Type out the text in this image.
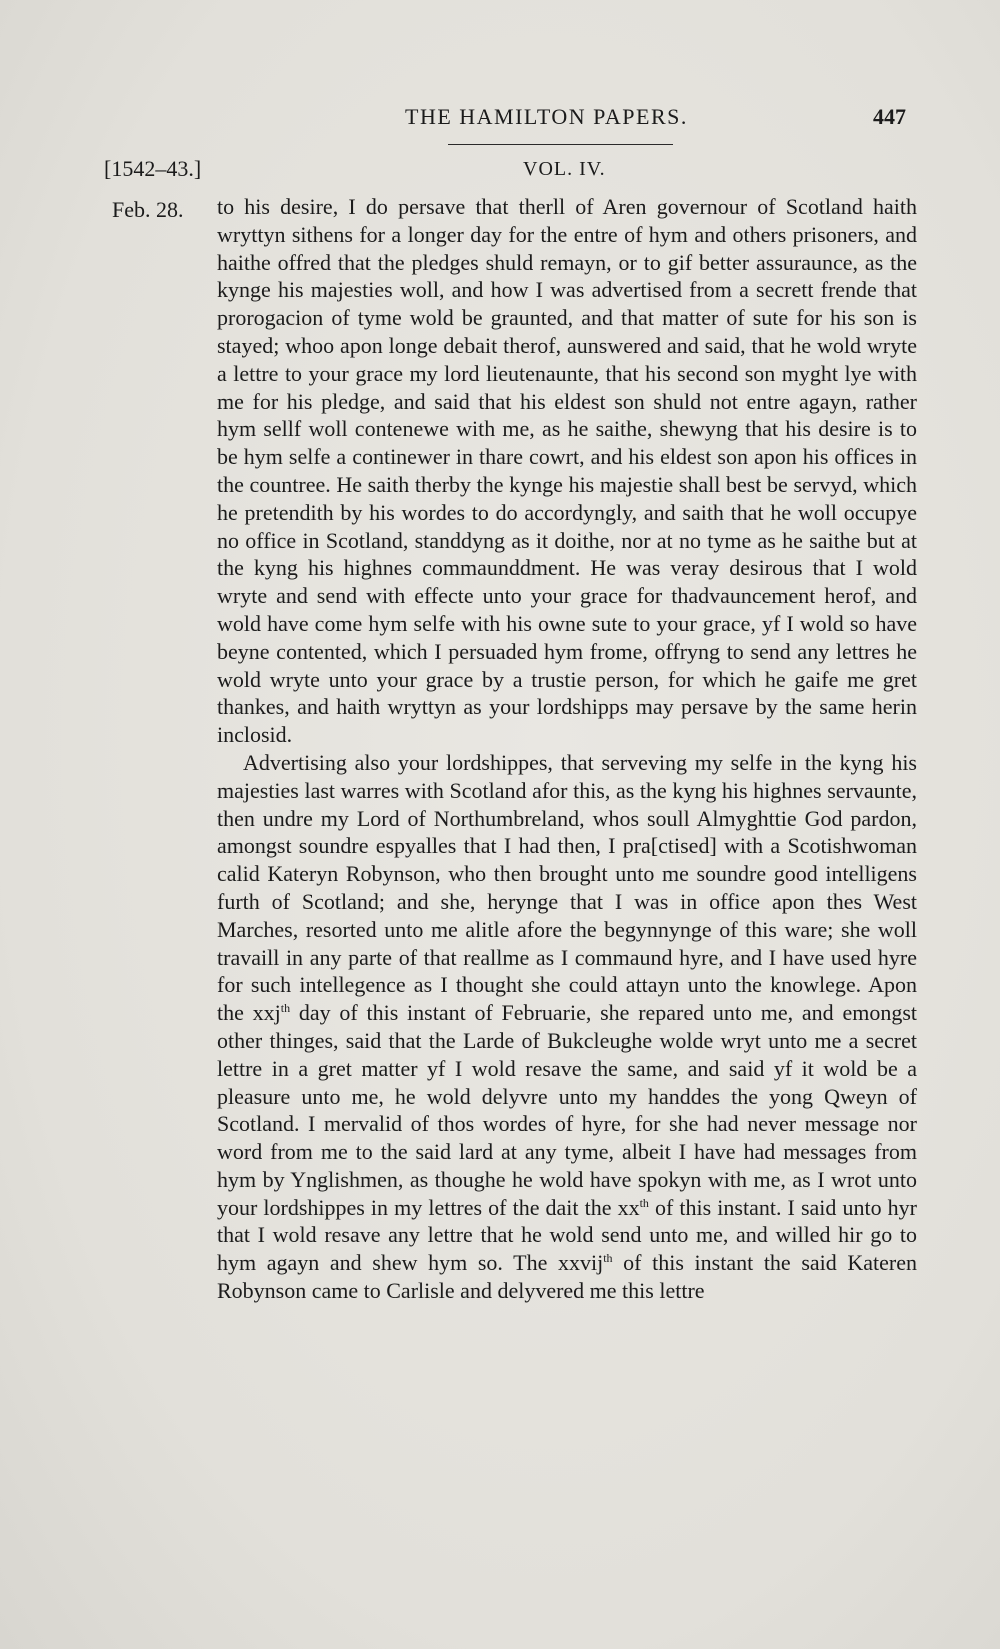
THE HAMILTON PAPERS.	447
[1542–43.]	VOL. IV.
Feb. 28. to his desire, I do persave that therll of Aren governour of Scotland haith wryttyn sithens for a longer day for the entre of hym and others prisoners, and haithe offred that the pledges shuld remayn, or to gif better assuraunce, as the kynge his majesties woll, and how I was advertised from a secrett frende that prorogacion of tyme wold be graunted, and that matter of sute for his son is stayed; whoo apon longe debait therof, aunswered and said, that he wold wryte a lettre to your grace my lord lieutenaunte, that his second son myght lye with me for his pledge, and said that his eldest son shuld not entre agayn, rather hym sellf woll contenewe with me, as he saithe, shewyng that his desire is to be hym selfe a continewer in thare cowrt, and his eldest son apon his offices in the countree. He saith therby the kynge his majestie shall best be servyd, which he pretendith by his wordes to do accordyngly, and saith that he woll occupye no office in Scotland, standdyng as it doithe, nor at no tyme as he saithe but at the kyng his highnes commaunddment. He was veray desirous that I wold wryte and send with effecte unto your grace for thadvauncement herof, and wold have come hym selfe with his owne sute to your grace, yf I wold so have beyne contented, which I persuaded hym frome, offryng to send any lettres he wold wryte unto your grace by a trustie person, for which he gaife me gret thankes, and haith wryttyn as your lordshipps may persave by the same herin inclosid.

Advertising also your lordshippes, that serveving my selfe in the kyng his majesties last warres with Scotland afor this, as the kyng his highnes servaunte, then undre my Lord of Northumbreland, whos soull Almyghttie God pardon, amongst soundre espyalles that I had then, I pra[ctised] with a Scotishwoman calid Kateryn Robynson, who then brought unto me soundre good intelligens furth of Scotland; and she, herynge that I was in office apon thes West Marches, resorted unto me alitle afore the begynnynge of this ware; she woll travaill in any parte of that reallme as I commaund hyre, and I have used hyre for such intellegence as I thought she could attayn unto the knowlege. Apon the xxj$^{th}$ day of this instant of Februarie, she repared unto me, and emongst other thinges, said that the Larde of Bukcleughe wolde wryt unto me a secret lettre in a gret matter yf I wold resave the same, and said yf it wold be a pleasure unto me, he wold delyvre unto my handdes the yong Qweyn of Scotland. I mervalid of thos wordes of hyre, for she had never message nor word from me to the said lard at any tyme, albeit I have had messages from hym by Ynglishmen, as thoughe he wold have spokyn with me, as I wrot unto your lordshippes in my lettres of the dait the $xx^{th}$ of this instant. I said unto hyr that I wold resave any lettre that he wold send unto me, and willed hir go to hym agayn and shew hym so. The xxvij$^{th}$ of this instant the said Kateren Robynson came to Carlisle and delyvered me this lettre
